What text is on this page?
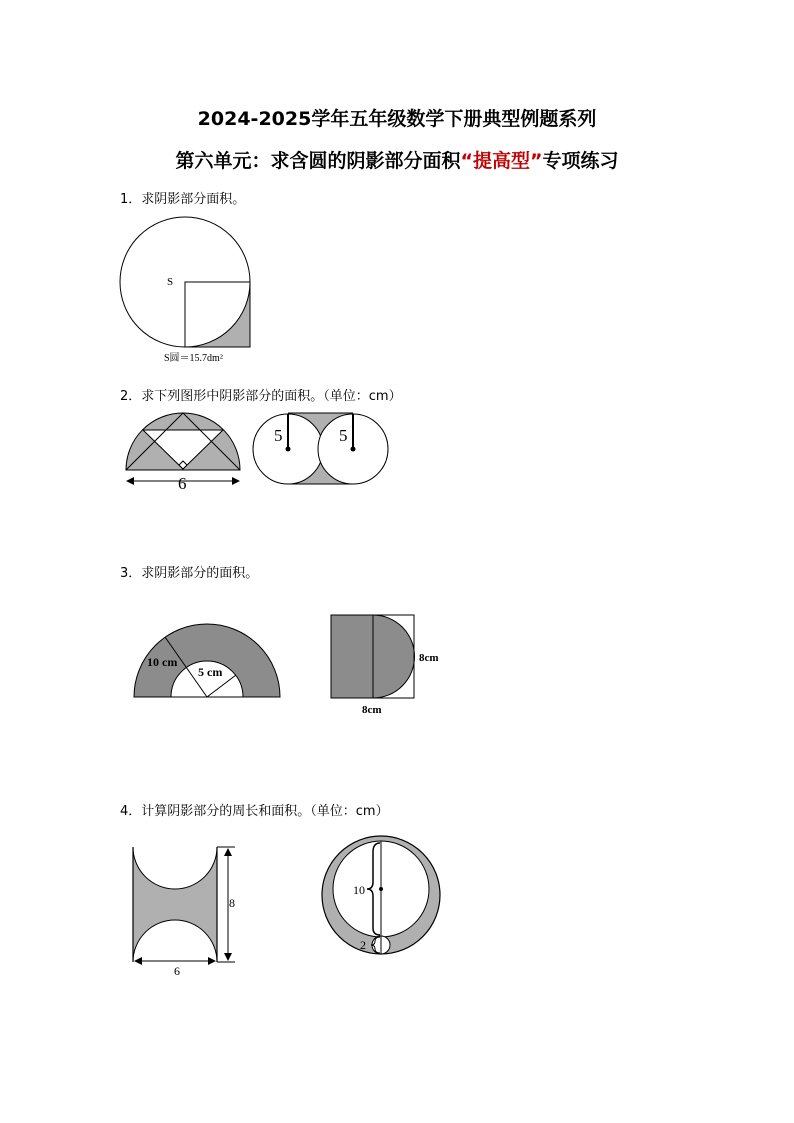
2024-2025学年五年级数学下册典型例题系列
第六单元：求含圆的阴影部分面积“提高型”专项练习
1．求阴影部分面积。
2．求下列图形中阴影部分的面积。（单位：cm）
3．求阴影部分的面积。
4．计算阴影部分的周长和面积。（单位：cm）
S
S圆＝15.7dm²
6
5	5
10 cm
5 cm
8cm
8cm
8
6
10
2
